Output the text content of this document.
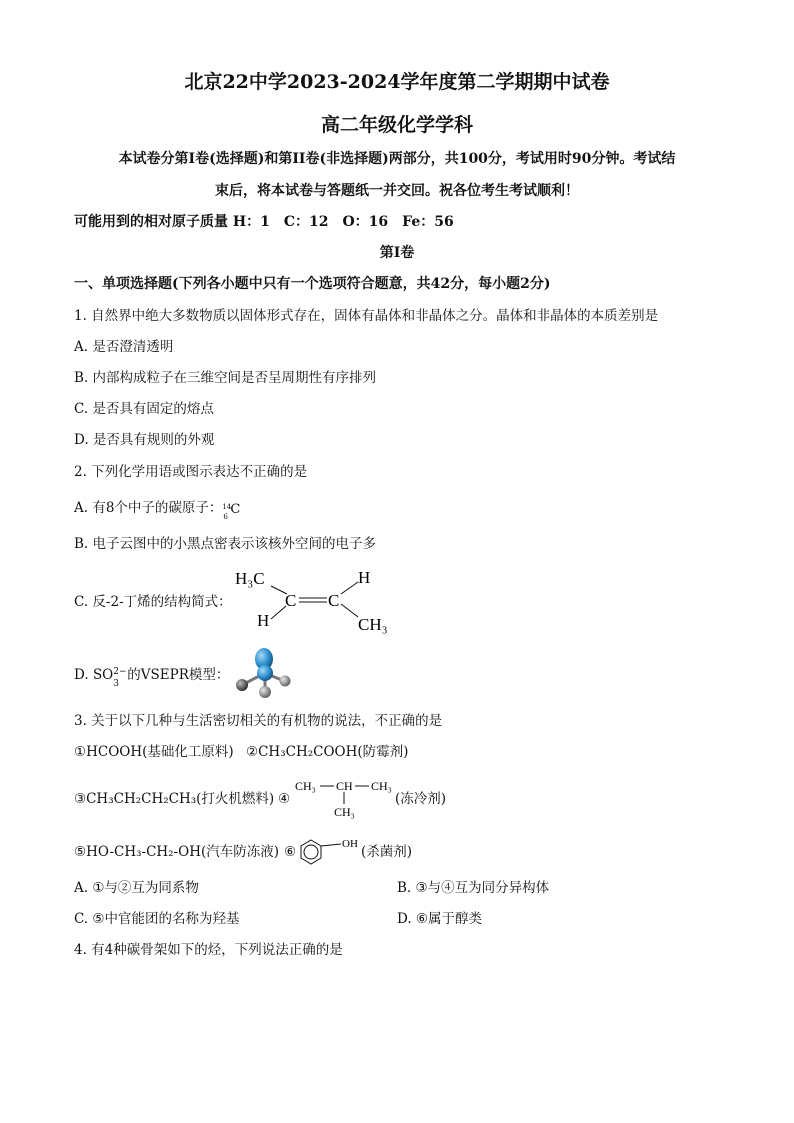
北京22中学2023-2024学年度第二学期期中试卷
高二年级化学学科
本试卷分第I卷(选择题)和第II卷(非选择题)两部分，共100分，考试用时90分钟。考试结
束后，将本试卷与答题纸一并交回。祝各位考生考试顺利！
可能用到的相对原子质量 H：1　C：12　O：16　Fe：56
第I卷
一、单项选择题(下列各小题中只有一个选项符合题意，共42分，每小题2分)
1. 自然界中绝大多数物质以固体形式存在，固体有晶体和非晶体之分。晶体和非晶体的本质差别是
A. 是否澄清透明
B. 内部构成粒子在三维空间是否呈周期性有序排列
C. 是否具有固定的熔点
D. 是否具有规则的外观
2. 下列化学用语或图示表达不正确的是
A. 有8个中子的碳原子： 14
6 C
B. 电子云图中的小黑点密表示该核外空间的电子多
C. 反-2-丁烯的结构简式：
H₃C	H
C C
H	CH₃
D. SO 2−
3
的VSEPR模型：
3. 关于以下几种与生活密切相关的有机物的说法，不正确的是
①HCOOH(基础化工原料) ②CH₃CH₂COOH(防霉剂)
③CH₃CH₂CH₂CH₃(打火机燃料) ④
CH₃ CH CH₃
CH₃
(冻冷剂)
⑤HO-CH₃-CH₂-OH(汽车防冻液) ⑥	OH (杀菌剂)
A. ①与②互为同系物	B. ③与④互为同分异构体
C. ⑤中官能团的名称为羟基	D. ⑥属于醇类
4. 有4种碳骨架如下的烃，下列说法正确的是
